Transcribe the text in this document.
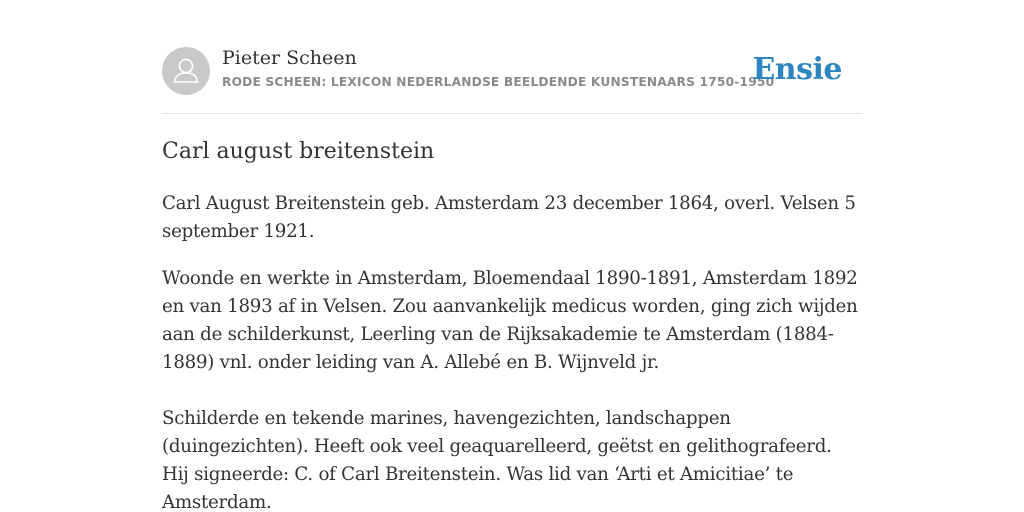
Pieter Scheen
RODE SCHEEN: LEXICON NEDERLANDSE BEELDENDE KUNSTENAARS 1750-1950
Ensie
Carl august breitenstein

Carl August Breitenstein geb. Amsterdam 23 december 1864, overl. Velsen 5 september 1921.

Woonde en werkte in Amsterdam, Bloemendaal 1890-1891, Amsterdam 1892 en van 1893 af in Velsen. Zou aanvankelijk medicus worden, ging zich wijden aan de schilderkunst, Leerling van de Rijksakademie te Amsterdam (1884-1889) vnl. onder leiding van A. Allebé en B. Wijnveld jr.

Schilderde en tekende marines, havengezichten, landschappen (duingezichten). Heeft ook veel geaquarelleerd, geëtst en gelithografeerd. Hij signeerde: C. of Carl Breitenstein. Was lid van ‘Arti et Amicitiae’ te Amsterdam.
